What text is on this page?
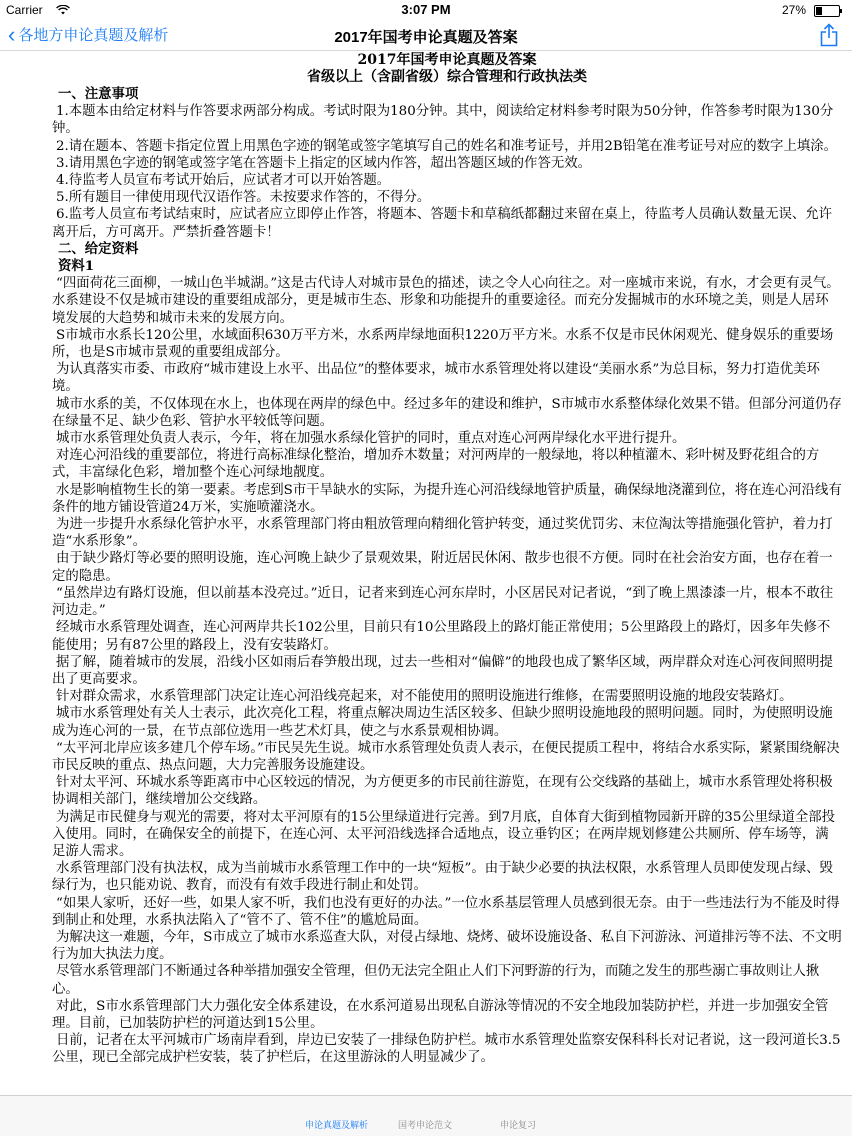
Carrier	3:07 PM	27%
‹ 各地方申论真题及解析	2017年国考申论真题及答案
2017年国考申论真题及答案
省级以上（含副省级）综合管理和行政执法类
一、注意事项

1.本题本由给定材料与作答要求两部分构成。考试时限为180分钟。其中，阅读给定材料参考时限为50分钟，作答参考时限为130分钟。

2.请在题本、答题卡指定位置上用黑色字迹的钢笔或签字笔填写自己的姓名和准考证号，并用2B铅笔在准考证号对应的数字上填涂。

3.请用黑色字迹的钢笔或签字笔在答题卡上指定的区域内作答，超出答题区域的作答无效。

4.待监考人员宣布考试开始后，应试者才可以开始答题。

5.所有题目一律使用现代汉语作答。未按要求作答的，不得分。

6.监考人员宣布考试结束时，应试者应立即停止作答，将题本、答题卡和草稿纸都翻过来留在桌上，待监考人员确认数量无误、允许离开后，方可离开。严禁折叠答题卡！

二、给定资料
资料1

“四面荷花三面柳，一城山色半城湖。”这是古代诗人对城市景色的描述，读之令人心向往之。对一座城市来说，有水，才会更有灵气。水系建设不仅是城市建设的重要组成部分，更是城市生态、形象和功能提升的重要途径。而充分发掘城市的水环境之美，则是人居环境发展的大趋势和城市未来的发展方向。

S市城市水系长120公里，水域面积630万平方米，水系两岸绿地面积1220万平方米。水系不仅是市民休闲观光、健身娱乐的重要场所，也是S市城市景观的重要组成部分。

为认真落实市委、市政府“城市建设上水平、出品位”的整体要求，城市水系管理处将以建设“美丽水系”为总目标，努力打造优美环境。

城市水系的美，不仅体现在水上，也体现在两岸的绿色中。经过多年的建设和维护，S市城市水系整体绿化效果不错。但部分河道仍存在绿量不足、缺少色彩、管护水平较低等问题。

城市水系管理处负责人表示，今年，将在加强水系绿化管护的同时，重点对连心河两岸绿化水平进行提升。

对连心河沿线的重要部位，将进行高标准绿化整治，增加乔木数量；对河两岸的一般绿地，将以种植灌木、彩叶树及野花组合的方式，丰富绿化色彩，增加整个连心河绿地靓度。

水是影响植物生长的第一要素。考虑到S市干旱缺水的实际，为提升连心河沿线绿地管护质量，确保绿地浇灌到位，将在连心河沿线有条件的地方铺设管道24万米，实施喷灌浇水。

为进一步提升水系绿化管护水平，水系管理部门将由粗放管理向精细化管护转变，通过奖优罚劣、末位淘汰等措施强化管护，着力打造“水系形象”。

由于缺少路灯等必要的照明设施，连心河晚上缺少了景观效果，附近居民休闲、散步也很不方便。同时在社会治安方面，也存在着一定的隐患。

“虽然岸边有路灯设施，但以前基本没亮过。”近日，记者来到连心河东岸时，小区居民对记者说，“到了晚上黑漆漆一片，根本不敢往河边走。”

经城市水系管理处调查，连心河两岸共长102公里，目前只有10公里路段上的路灯能正常使用；5公里路段上的路灯，因多年失修不能使用；另有87公里的路段上，没有安装路灯。

据了解，随着城市的发展，沿线小区如雨后春笋般出现，过去一些相对“偏僻”的地段也成了繁华区域，两岸群众对连心河夜间照明提出了更高要求。

针对群众需求，水系管理部门决定让连心河沿线亮起来，对不能使用的照明设施进行维修，在需要照明设施的地段安装路灯。

城市水系管理处有关人士表示，此次亮化工程，将重点解决周边生活区较多、但缺少照明设施地段的照明问题。同时，为使照明设施成为连心河的一景，在节点部位选用一些艺术灯具，使之与水系景观相协调。

“太平河北岸应该多建几个停车场。”市民吴先生说。城市水系管理处负责人表示，在便民提质工程中，将结合水系实际，紧紧围绕解决市民反映的重点、热点问题，大力完善服务设施建设。

针对太平河、环城水系等距离市中心区较远的情况，为方便更多的市民前往游览，在现有公交线路的基础上，城市水系管理处将积极协调相关部门，继续增加公交线路。

为满足市民健身与观光的需要，将对太平河原有的15公里绿道进行完善。到7月底，自体育大街到植物园新开辟的35公里绿道全部投入使用。同时，在确保安全的前提下，在连心河、太平河沿线选择合适地点，设立垂钓区；在两岸规划修建公共厕所、停车场等，满足游人需求。

水系管理部门没有执法权，成为当前城市水系管理工作中的一块“短板”。由于缺少必要的执法权限，水系管理人员即使发现占绿、毁绿行为，也只能劝说、教育，而没有有效手段进行制止和处罚。

“如果人家听，还好一些，如果人家不听，我们也没有更好的办法。”一位水系基层管理人员感到很无奈。由于一些违法行为不能及时得到制止和处理，水系执法陷入了“管不了、管不住”的尴尬局面。

为解决这一难题，今年，S市成立了城市水系巡查大队，对侵占绿地、烧烤、破坏设施设备、私自下河游泳、河道排污等不法、不文明行为加大执法力度。

尽管水系管理部门不断通过各种举措加强安全管理，但仍无法完全阻止人们下河野游的行为，而随之发生的那些溺亡事故则让人揪心。

对此，S市水系管理部门大力强化安全体系建设，在水系河道易出现私自游泳等情况的不安全地段加装防护栏，并进一步加强安全管理。目前，已加装防护栏的河道达到15公里。

日前，记者在太平河城市广场南岸看到，岸边已安装了一排绿色防护栏。城市水系管理处监察安保科科长对记者说，这一段河道长3.5公里，现已全部完成护栏安装，装了护栏后，在这里游泳的人明显减少了。

申论真题及解析	国考申论范文	申论复习
